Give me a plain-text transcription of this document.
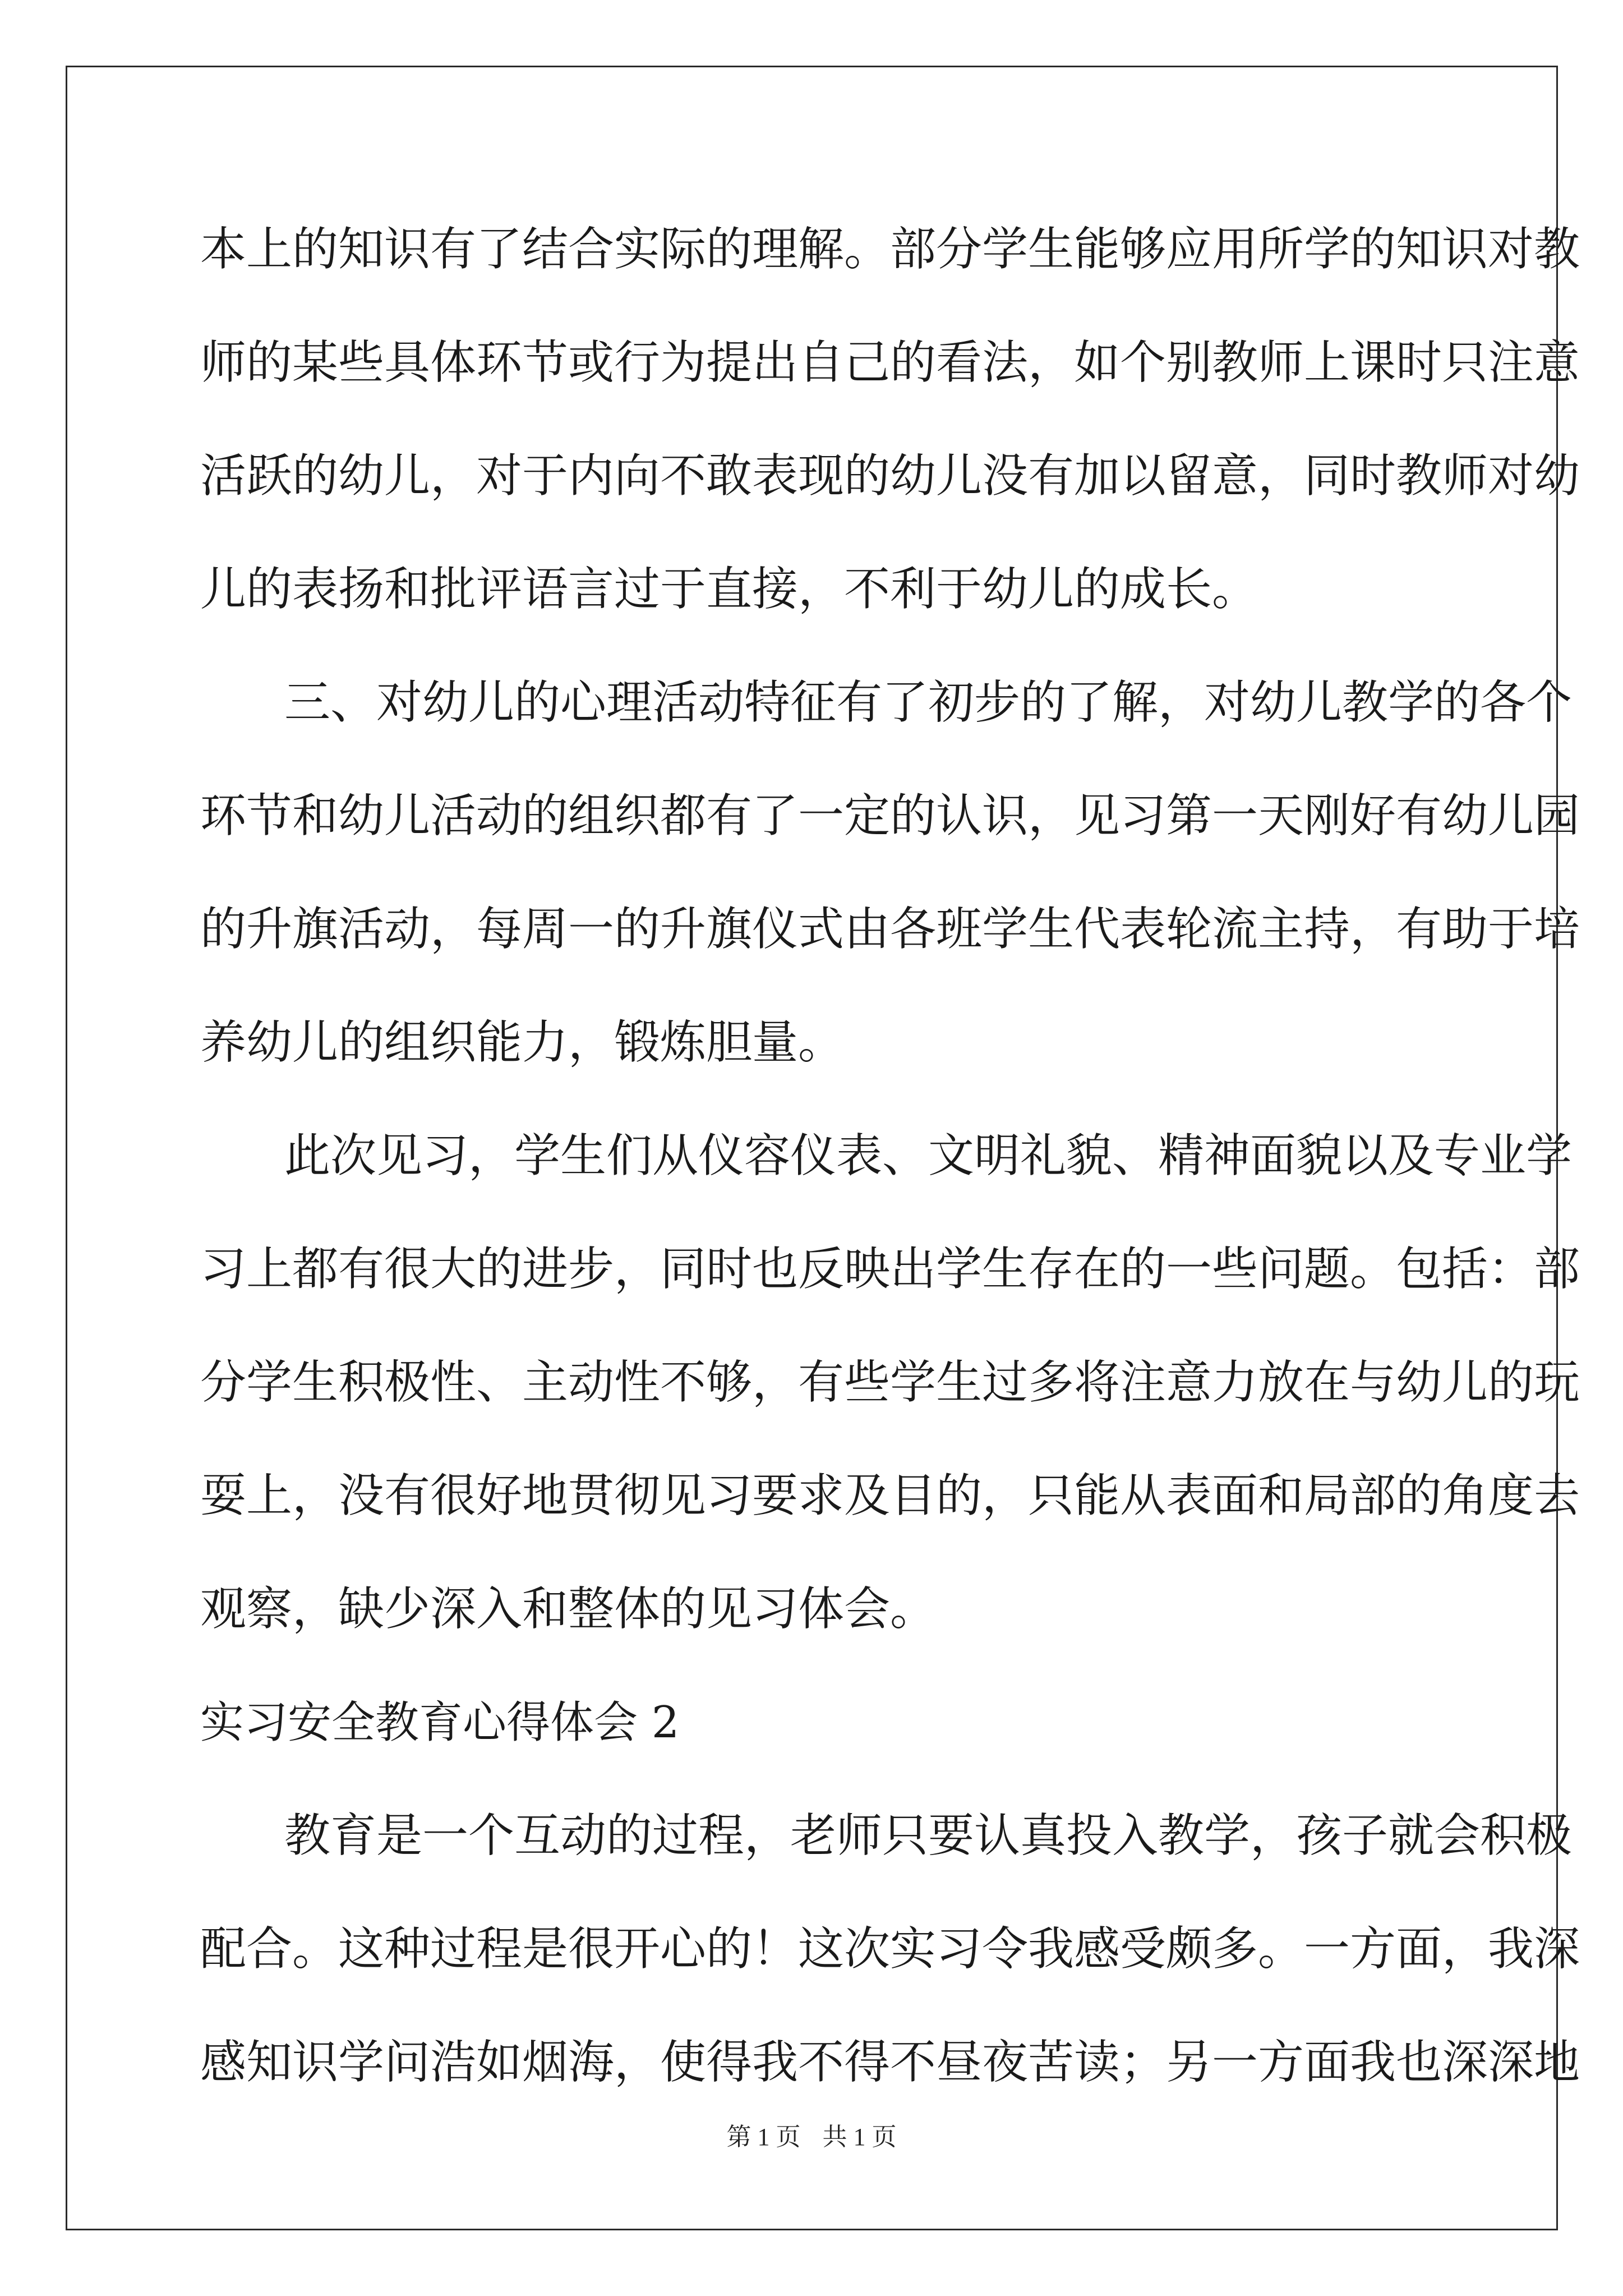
本上的知识有了结合实际的理解。部分学生能够应用所学的知识对教
师的某些具体环节或行为提出自己的看法，如个别教师上课时只注意
活跃的幼儿，对于内向不敢表现的幼儿没有加以留意，同时教师对幼
儿的表扬和批评语言过于直接，不利于幼儿的成长。
三、对幼儿的心理活动特征有了初步的了解，对幼儿教学的各个
环节和幼儿活动的组织都有了一定的认识，见习第一天刚好有幼儿园
的升旗活动，每周一的升旗仪式由各班学生代表轮流主持，有助于培
养幼儿的组织能力，锻炼胆量。
此次见习，学生们从仪容仪表、文明礼貌、精神面貌以及专业学
习上都有很大的进步，同时也反映出学生存在的一些问题。包括：部
分学生积极性、主动性不够，有些学生过多将注意力放在与幼儿的玩
耍上，没有很好地贯彻见习要求及目的，只能从表面和局部的角度去
观察，缺少深入和整体的见习体会。
实习安全教育心得体会 2
教育是一个互动的过程，老师只要认真投入教学，孩子就会积极
配合。这种过程是很开心的！这次实习令我感受颇多。一方面，我深
感知识学问浩如烟海，使得我不得不昼夜苦读；另一方面我也深深地
第 1 页 共 1 页
